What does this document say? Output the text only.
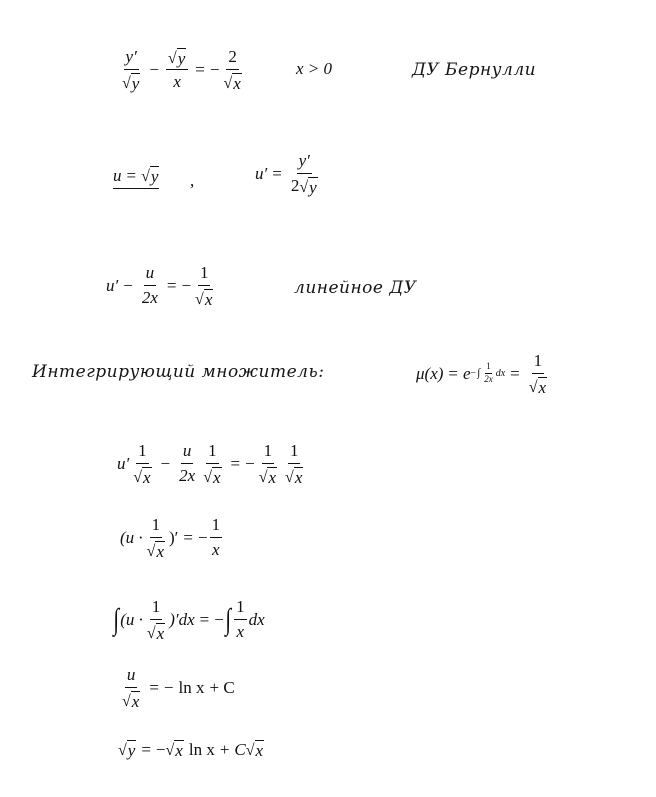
$\frac{y'}{√ y} - \frac{√ y}{x}$ = − $\frac{2}{√ x}$	x > 0	ДУ Бернулли
u = √ y ,	$u' = \frac{y'}{2 √ y}$
$u' - \frac{u}{2x}$ = − $\frac{1}{√ x}$	линейное ДУ
Интегрирующий множитель:	μ(x) = e − ∫ $\frac{1}{2x}$ dx = $\frac{1}{√ x}$
$u' \frac{1}{√ x} - \frac{u}{2x} \frac{1}{√ x}$ = − $\frac{1}{√ x} \frac{1}{√ x}$
($u \cdot \frac{1}{√ x}$ )′ = − $\frac{1}{x}$
∫ $(u \cdot \frac{1}{√ x} )'dx$ = − ∫ $\frac{1}{x}$ dx
$\frac{u}{√ x}$ = − ln x + C
√ y = − √ x ln x + C √ x
